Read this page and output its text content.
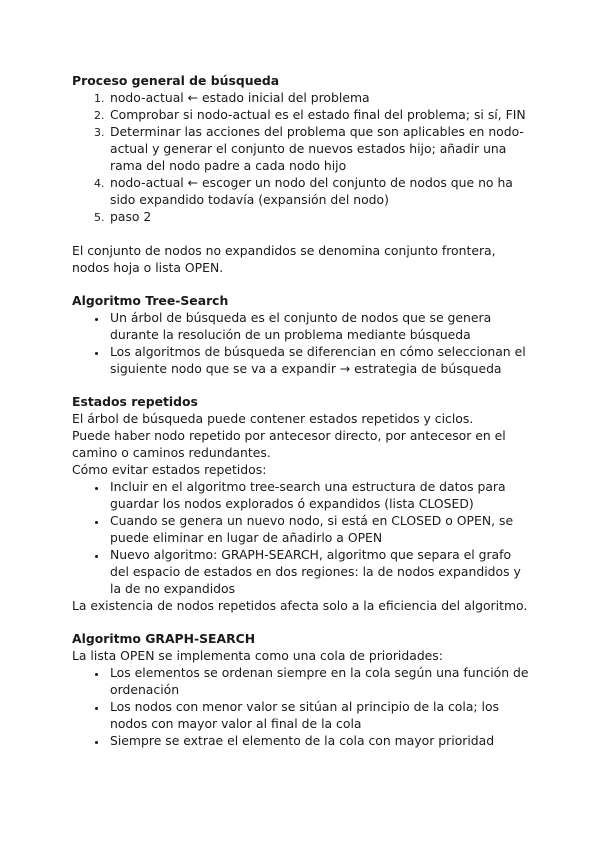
Proceso general de búsqueda
1. nodo-actual ← estado inicial del problema
2. Comprobar si nodo-actual es el estado final del problema; si sí, FIN
3. Determinar las acciones del problema que son aplicables en nodo-actual y generar el conjunto de nuevos estados hijo; añadir una rama del nodo padre a cada nodo hijo
4. nodo-actual ← escoger un nodo del conjunto de nodos que no ha sido expandido todavía (expansión del nodo)
5. paso 2

El conjunto de nodos no expandidos se denomina conjunto frontera, nodos hoja o lista OPEN.

Algoritmo Tree-Search
• Un árbol de búsqueda es el conjunto de nodos que se genera durante la resolución de un problema mediante búsqueda
• Los algoritmos de búsqueda se diferencian en cómo seleccionan el siguiente nodo que se va a expandir → estrategia de búsqueda
Estados repetidos

El árbol de búsqueda puede contener estados repetidos y ciclos.

Puede haber nodo repetido por antecesor directo, por antecesor en el camino o caminos redundantes.

Cómo evitar estados repetidos:

• Incluir en el algoritmo tree-search una estructura de datos para guardar los nodos explorados ó expandidos (lista CLOSED)
• Cuando se genera un nuevo nodo, si está en CLOSED o OPEN, se puede eliminar en lugar de añadirlo a OPEN
• Nuevo algoritmo: GRAPH-SEARCH, algoritmo que separa el grafo del espacio de estados en dos regiones: la de nodos expandidos y la de no expandidos

La existencia de nodos repetidos afecta solo a la eficiencia del algoritmo.

Algoritmo GRAPH-SEARCH

La lista OPEN se implementa como una cola de prioridades:

• Los elementos se ordenan siempre en la cola según una función de ordenación
• Los nodos con menor valor se sitúan al principio de la cola; los nodos con mayor valor al final de la cola
• Siempre se extrae el elemento de la cola con mayor prioridad
